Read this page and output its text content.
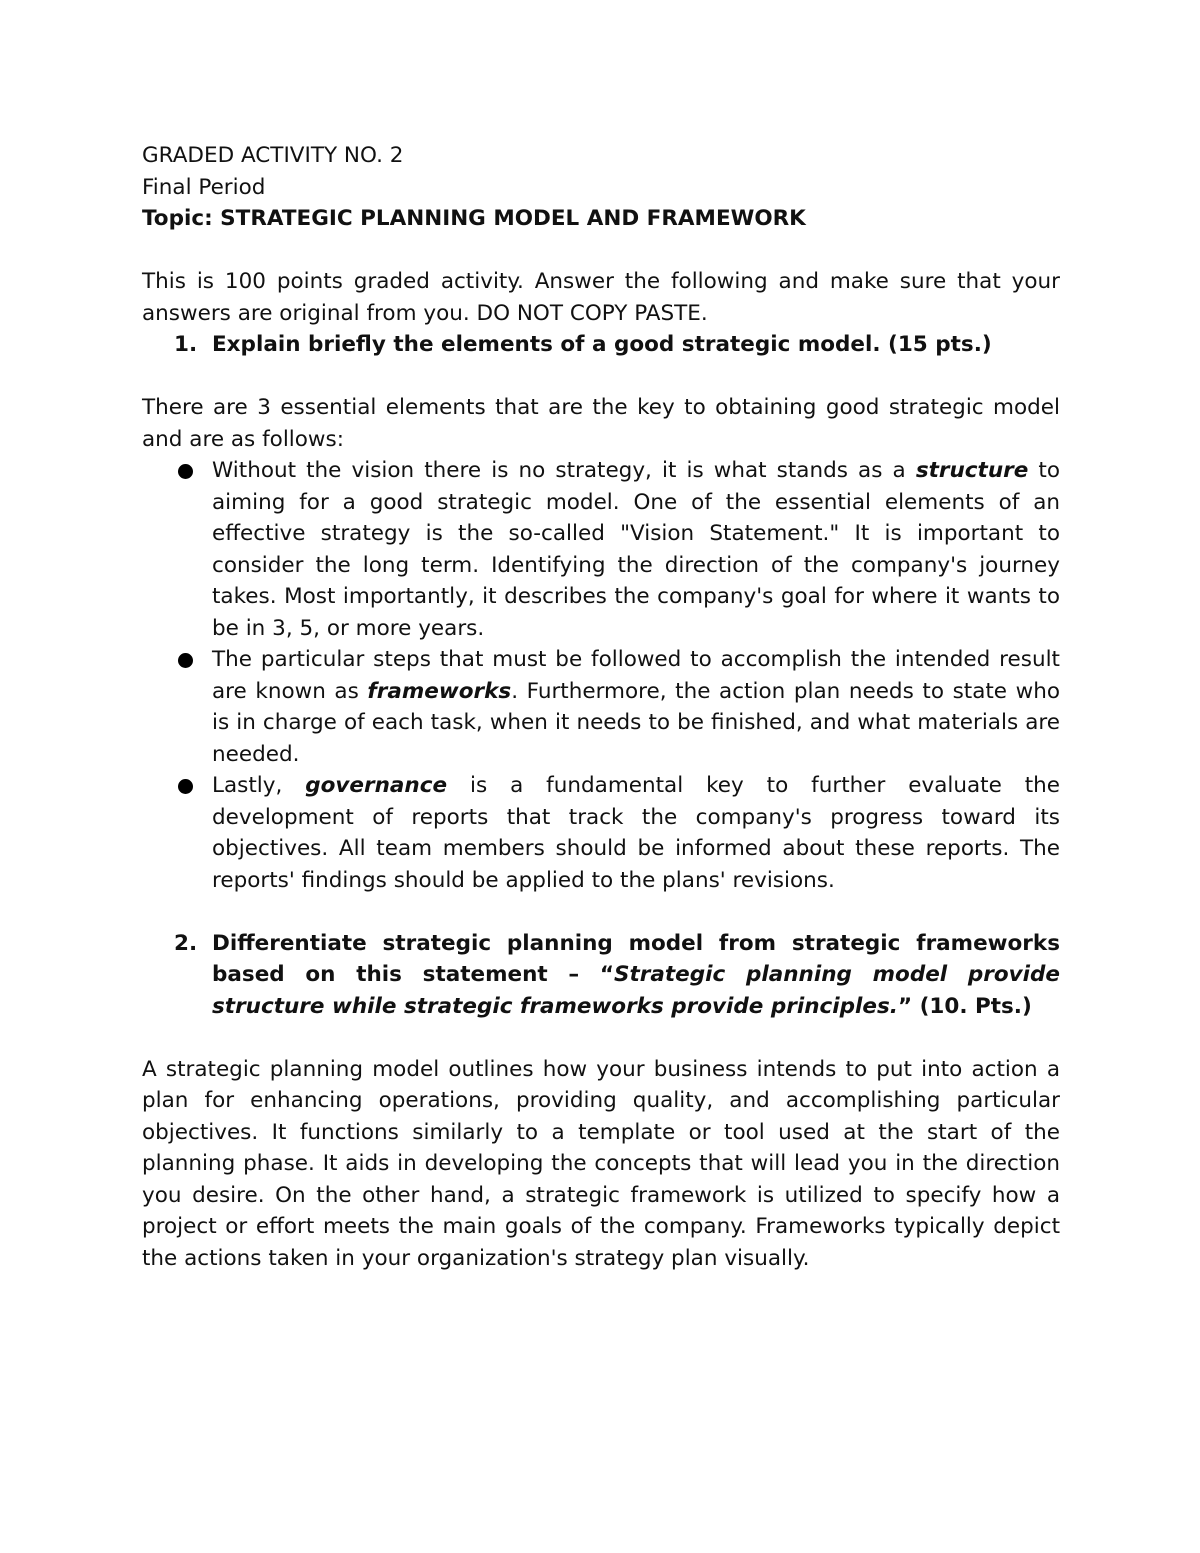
GRADED ACTIVITY NO. 2
Final Period
Topic: STRATEGIC PLANNING MODEL AND FRAMEWORK
This is 100 points graded activity. Answer the following and make sure that your answers are original from you. DO NOT COPY PASTE.
1. Explain briefly the elements of a good strategic model. (15 pts.)
There are 3 essential elements that are the key to obtaining good strategic model and are as follows:
Without the vision there is no strategy, it is what stands as a structure to aiming for a good strategic model. One of the essential elements of an effective strategy is the so-called "Vision Statement." It is important to consider the long term. Identifying the direction of the company's journey takes. Most importantly, it describes the company's goal for where it wants to be in 3, 5, or more years.
The particular steps that must be followed to accomplish the intended result are known as frameworks. Furthermore, the action plan needs to state who is in charge of each task, when it needs to be finished, and what materials are needed.
Lastly, governance is a fundamental key to further evaluate the development of reports that track the company's progress toward its objectives. All team members should be informed about these reports. The reports' findings should be applied to the plans' revisions.
2. Differentiate strategic planning model from strategic frameworks based on this statement – “Strategic planning model provide structure while strategic frameworks provide principles.” (10. Pts.)
A strategic planning model outlines how your business intends to put into action a plan for enhancing operations, providing quality, and accomplishing particular objectives. It functions similarly to a template or tool used at the start of the planning phase. It aids in developing the concepts that will lead you in the direction you desire. On the other hand, a strategic framework is utilized to specify how a project or effort meets the main goals of the company. Frameworks typically depict the actions taken in your organization's strategy plan visually.
